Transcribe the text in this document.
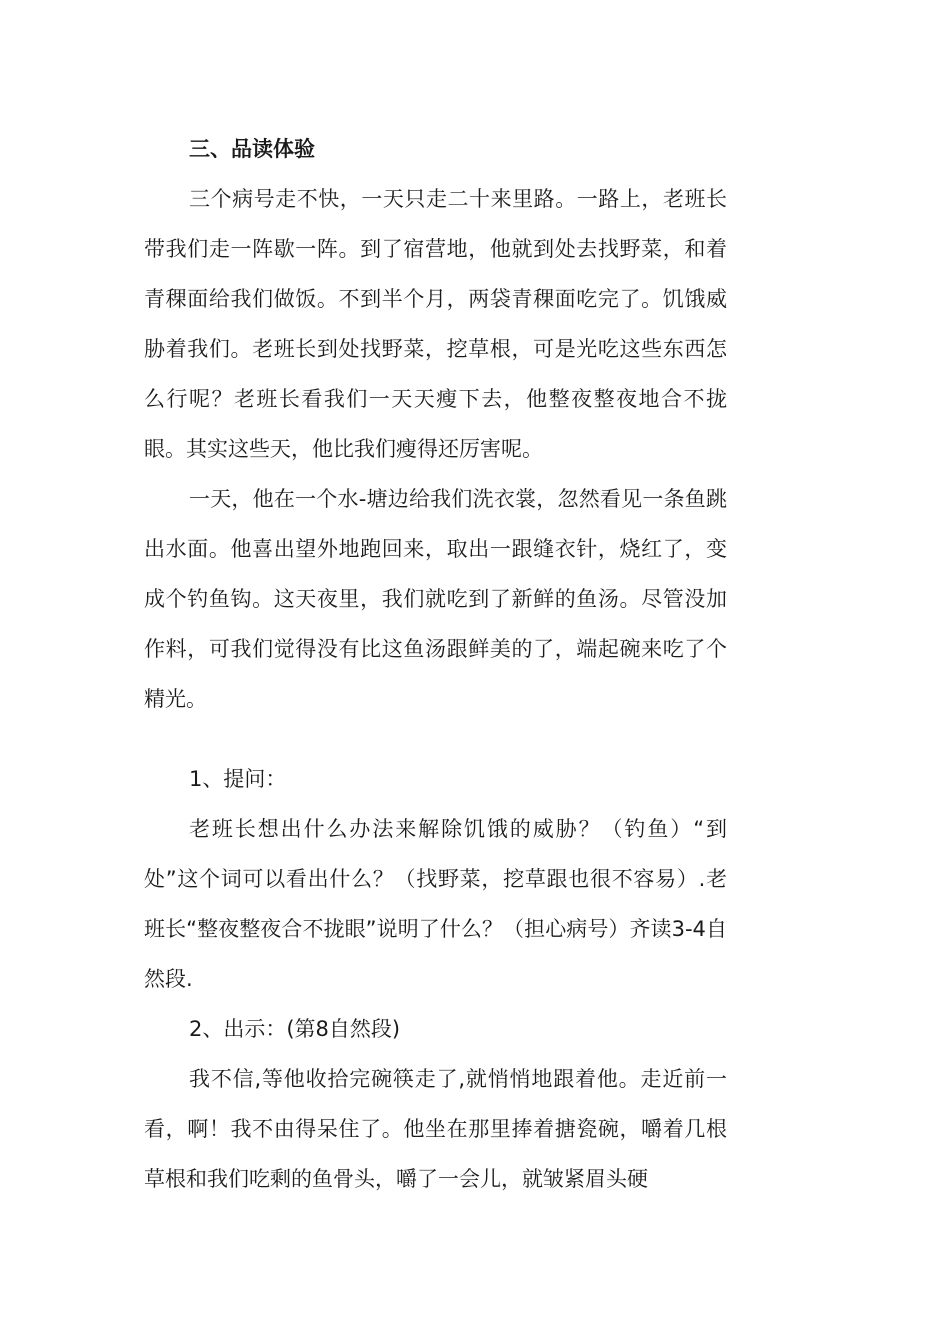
三、品读体验

三个病号走不快，一天只走二十来里路。一路上，老班长带我们走一阵歇一阵。到了宿营地，他就到处去找野菜，和着青稞面给我们做饭。不到半个月，两袋青稞面吃完了。饥饿威胁着我们。老班长到处找野菜，挖草根，可是光吃这些东西怎么行呢？老班长看我们一天天瘦下去，他整夜整夜地合不拢眼。其实这些天，他比我们瘦得还厉害呢。

一天，他在一个水-塘边给我们洗衣裳，忽然看见一条鱼跳出水面。他喜出望外地跑回来，取出一跟缝衣针，烧红了，变成个钓鱼钩。这天夜里，我们就吃到了新鲜的鱼汤。尽管没加作料，可我们觉得没有比这鱼汤跟鲜美的了，端起碗来吃了个精光。

1、提问：

老班长想出什么办法来解除饥饿的威胁？（钓鱼）“到处”这个词可以看出什么？（找野菜，挖草跟也很不容易）.老班长“整夜整夜合不拢眼”说明了什么？（担心病号）齐读3-4自然段.

2、出示：(第8自然段)

我不信,等他收拾完碗筷走了,就悄悄地跟着他。走近前一看，啊！我不由得呆住了。他坐在那里捧着搪瓷碗，嚼着几根草根和我们吃剩的鱼骨头，嚼了一会儿，就皱紧眉头硬
